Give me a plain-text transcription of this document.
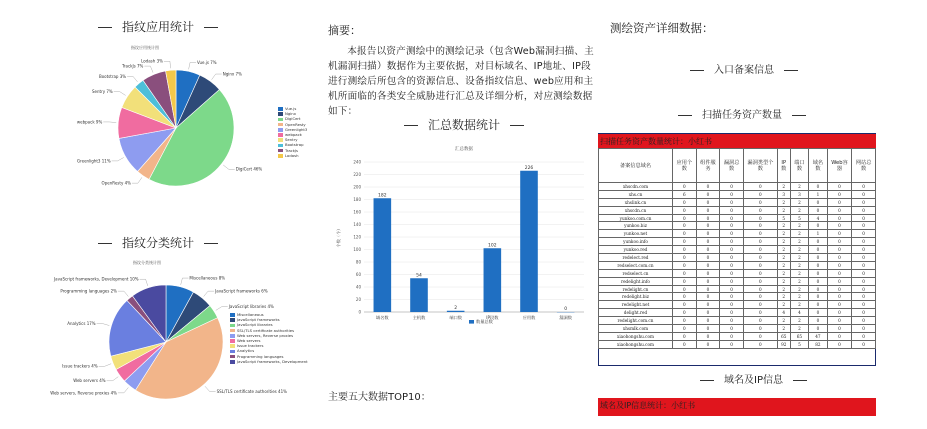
指纹应用统计
指纹应用统计图
Vue.js 7%
Nginx 7%
DigiCert 46%
OpenResty 4%
Greenlight3 11%
webpack 9%
Sentry 7%
Bootstrap 3%
TrackJs 7%
Lodash 3%
Vue.js
Nginx
DigiCert
OpenResty
Greenlight3
webpack
Sentry
Bootstrap
TrackJs
Lodash
指纹分类统计
指纹分类统计图
Miscellaneous 8%
JavaScript frameworks 6%
JavaScript libraries 4%
SSL/TLS certificate authorities 41%
Web servers, Reverse proxies 4%
Web servers 4%
Issue trackers 4%
Analytics 17%
Programming languages 2%
JavaScript frameworks, Development 10%
Miscellaneous
JavaScript frameworks
JavaScript libraries
SSL/TLS certificate authorities
Web servers, Reverse proxies
Web servers
Issue trackers
Analytics
Programming languages
JavaScript frameworks, Development
摘要：
本报告以资产测绘中的测绘记录（包含Web漏洞扫描、主机漏洞扫描）数据作为主要依据，对目标域名、IP地址、IP段进行测绘后所包含的资源信息、设备指纹信息、web应用和主机所面临的各类安全威胁进行汇总及详细分析，对应测绘数据如下：
汇总数据统计
汇总数据
0
20
40
60
80
100
120
140
160
180
200
220
240
个数（个）
182
域名数
54
主机数
2
端口数
102
IP段数
226
应用数
0
漏洞数
数量总数
主要五大数据TOP10：
测绘资产详细数据：
入口备案信息
扫描任务资产数量
扫描任务资产数量统计：小红书
备案信息域名	应用个数	组件服务	漏洞总数	漏洞类型个数	IP数	端口数	域名数	Web容器	网站总数
xhscdn.com	0	0	0	0	2	2	0	0	0
xhs.cn	6	0	0	0	3	3	1	0	0
xhslink.cn	0	0	0	0	2	2	0	0	0
xhscdn.cn	0	0	0	0	2	2	0	0	0
yunkoo.com.cn	0	0	0	0	5	5	4	0	0
yunkoo.biz	0	0	0	0	2	2	0	0	0
yunkoo.net	0	0	0	0	2	2	1	0	0
yunkoo.info	0	0	0	0	2	2	0	0	0
yunkoo.red	0	0	0	0	2	2	0	0	0
redelect.red	0	0	0	0	2	2	0	0	0
redselect.com.cn	0	0	0	0	2	2	0	0	0
redselect.cn	0	0	0	0	2	2	0	0	0
redelight.info	0	0	0	0	2	2	0	0	0
redelight.cn	0	0	0	0	2	2	0	0	0
redelight.biz	0	0	0	0	2	2	0	0	0
redelight.net	0	0	0	0	2	2	0	0	0
delight.red	0	0	0	0	4	4	0	0	0
redelight.com.cn	0	0	0	0	2	2	0	0	0
xhsmlk.com	0	0	0	0	2	2	0	0	0
xiaohongshu.com	0	0	0	0	65	65	47	0	0
xiaohongshu.com	0	0	0	0	92	5	82	0	0
域名及IP信息
域名及IP信息统计：小红书
